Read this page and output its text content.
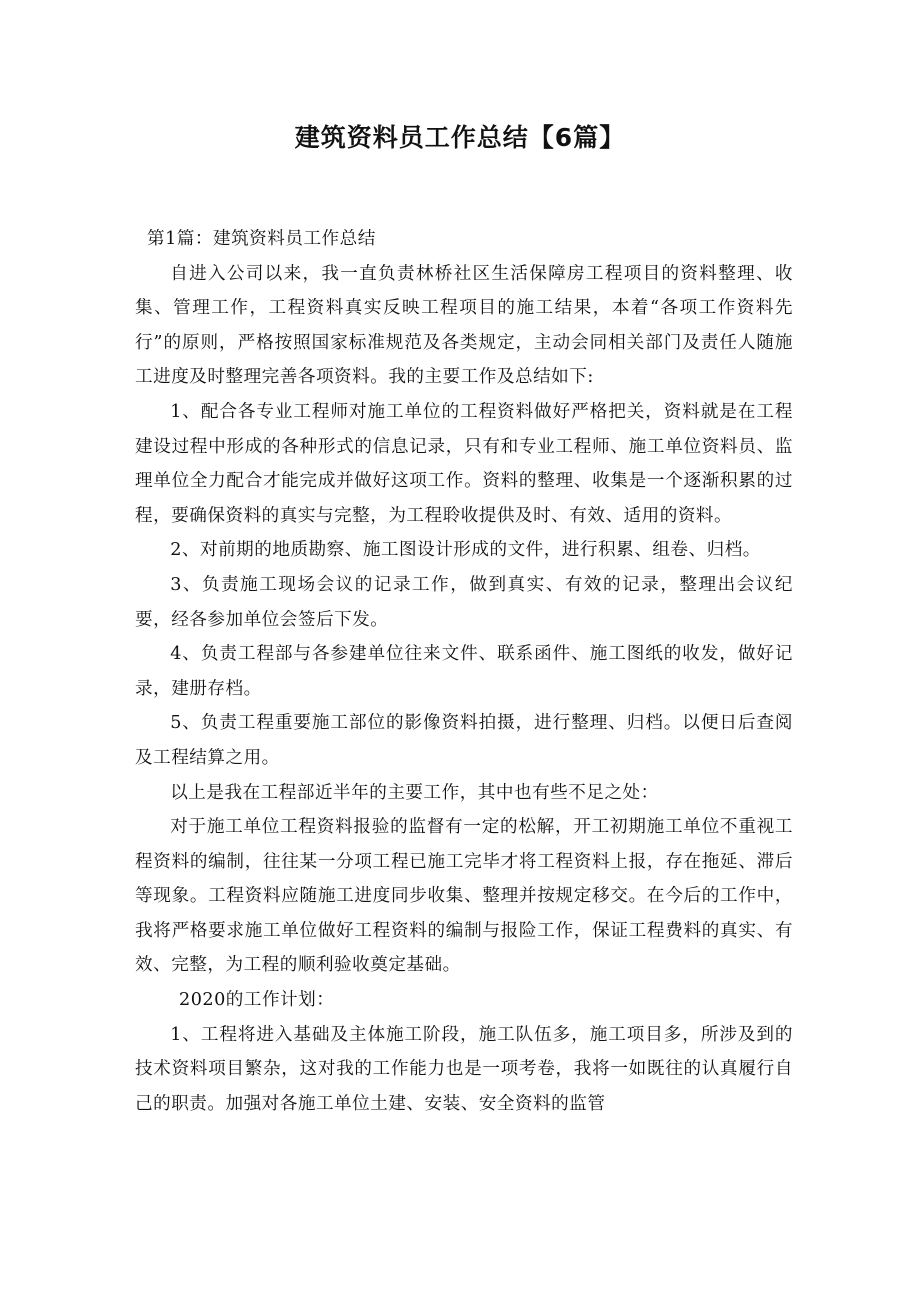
建筑资料员工作总结【6篇】

第1篇：建筑资料员工作总结

自进入公司以来，我一直负责林桥社区生活保障房工程项目的资料整理、收集、管理工作，工程资料真实反映工程项目的施工结果，本着“各项工作资料先行”的原则，严格按照国家标准规范及各类规定，主动会同相关部门及责任人随施工进度及时整理完善各项资料。我的主要工作及总结如下:

1、配合各专业工程师对施工单位的工程资料做好严格把关，资料就是在工程建设过程中形成的各种形式的信息记录，只有和专业工程师、施工单位资料员、监理单位全力配合才能完成并做好这项工作。资料的整理、收集是一个逐渐积累的过程，要确保资料的真实与完整，为工程聆收提供及时、有效、适用的资料。

2、对前期的地质勘察、施工图设计形成的文件，进行积累、组卷、归档。

3、负责施工现场会议的记录工作，做到真实、有效的记录，整理出会议纪要，经各参加单位会签后下发。

4、负责工程部与各参建单位往来文件、联系函件、施工图纸的收发，做好记录，建册存档。

5、负责工程重要施工部位的影像资料拍摄，进行整理、归档。以便日后查阅及工程结算之用。

以上是我在工程部近半年的主要工作，其中也有些不足之处：

对于施工单位工程资料报验的监督有一定的松解，开工初期施工单位不重视工程资料的编制，往往某一分项工程已施工完毕才将工程资料上报，存在拖延、滞后等现象。工程资料应随施工进度同步收集、整理并按规定移交。在今后的工作中，我将严格要求施工单位做好工程资料的编制与报险工作，保证工程费料的真实、有效、完整，为工程的顺利验收奠定基础。

2020的工作计划：

1、工程将进入基础及主体施工阶段，施工队伍多，施工项目多，所涉及到的技术资料项目繁杂，这对我的工作能力也是一项考卷，我将一如既往的认真履行自己的职责。加强对各施工单位土建、安装、安全资料的监管
